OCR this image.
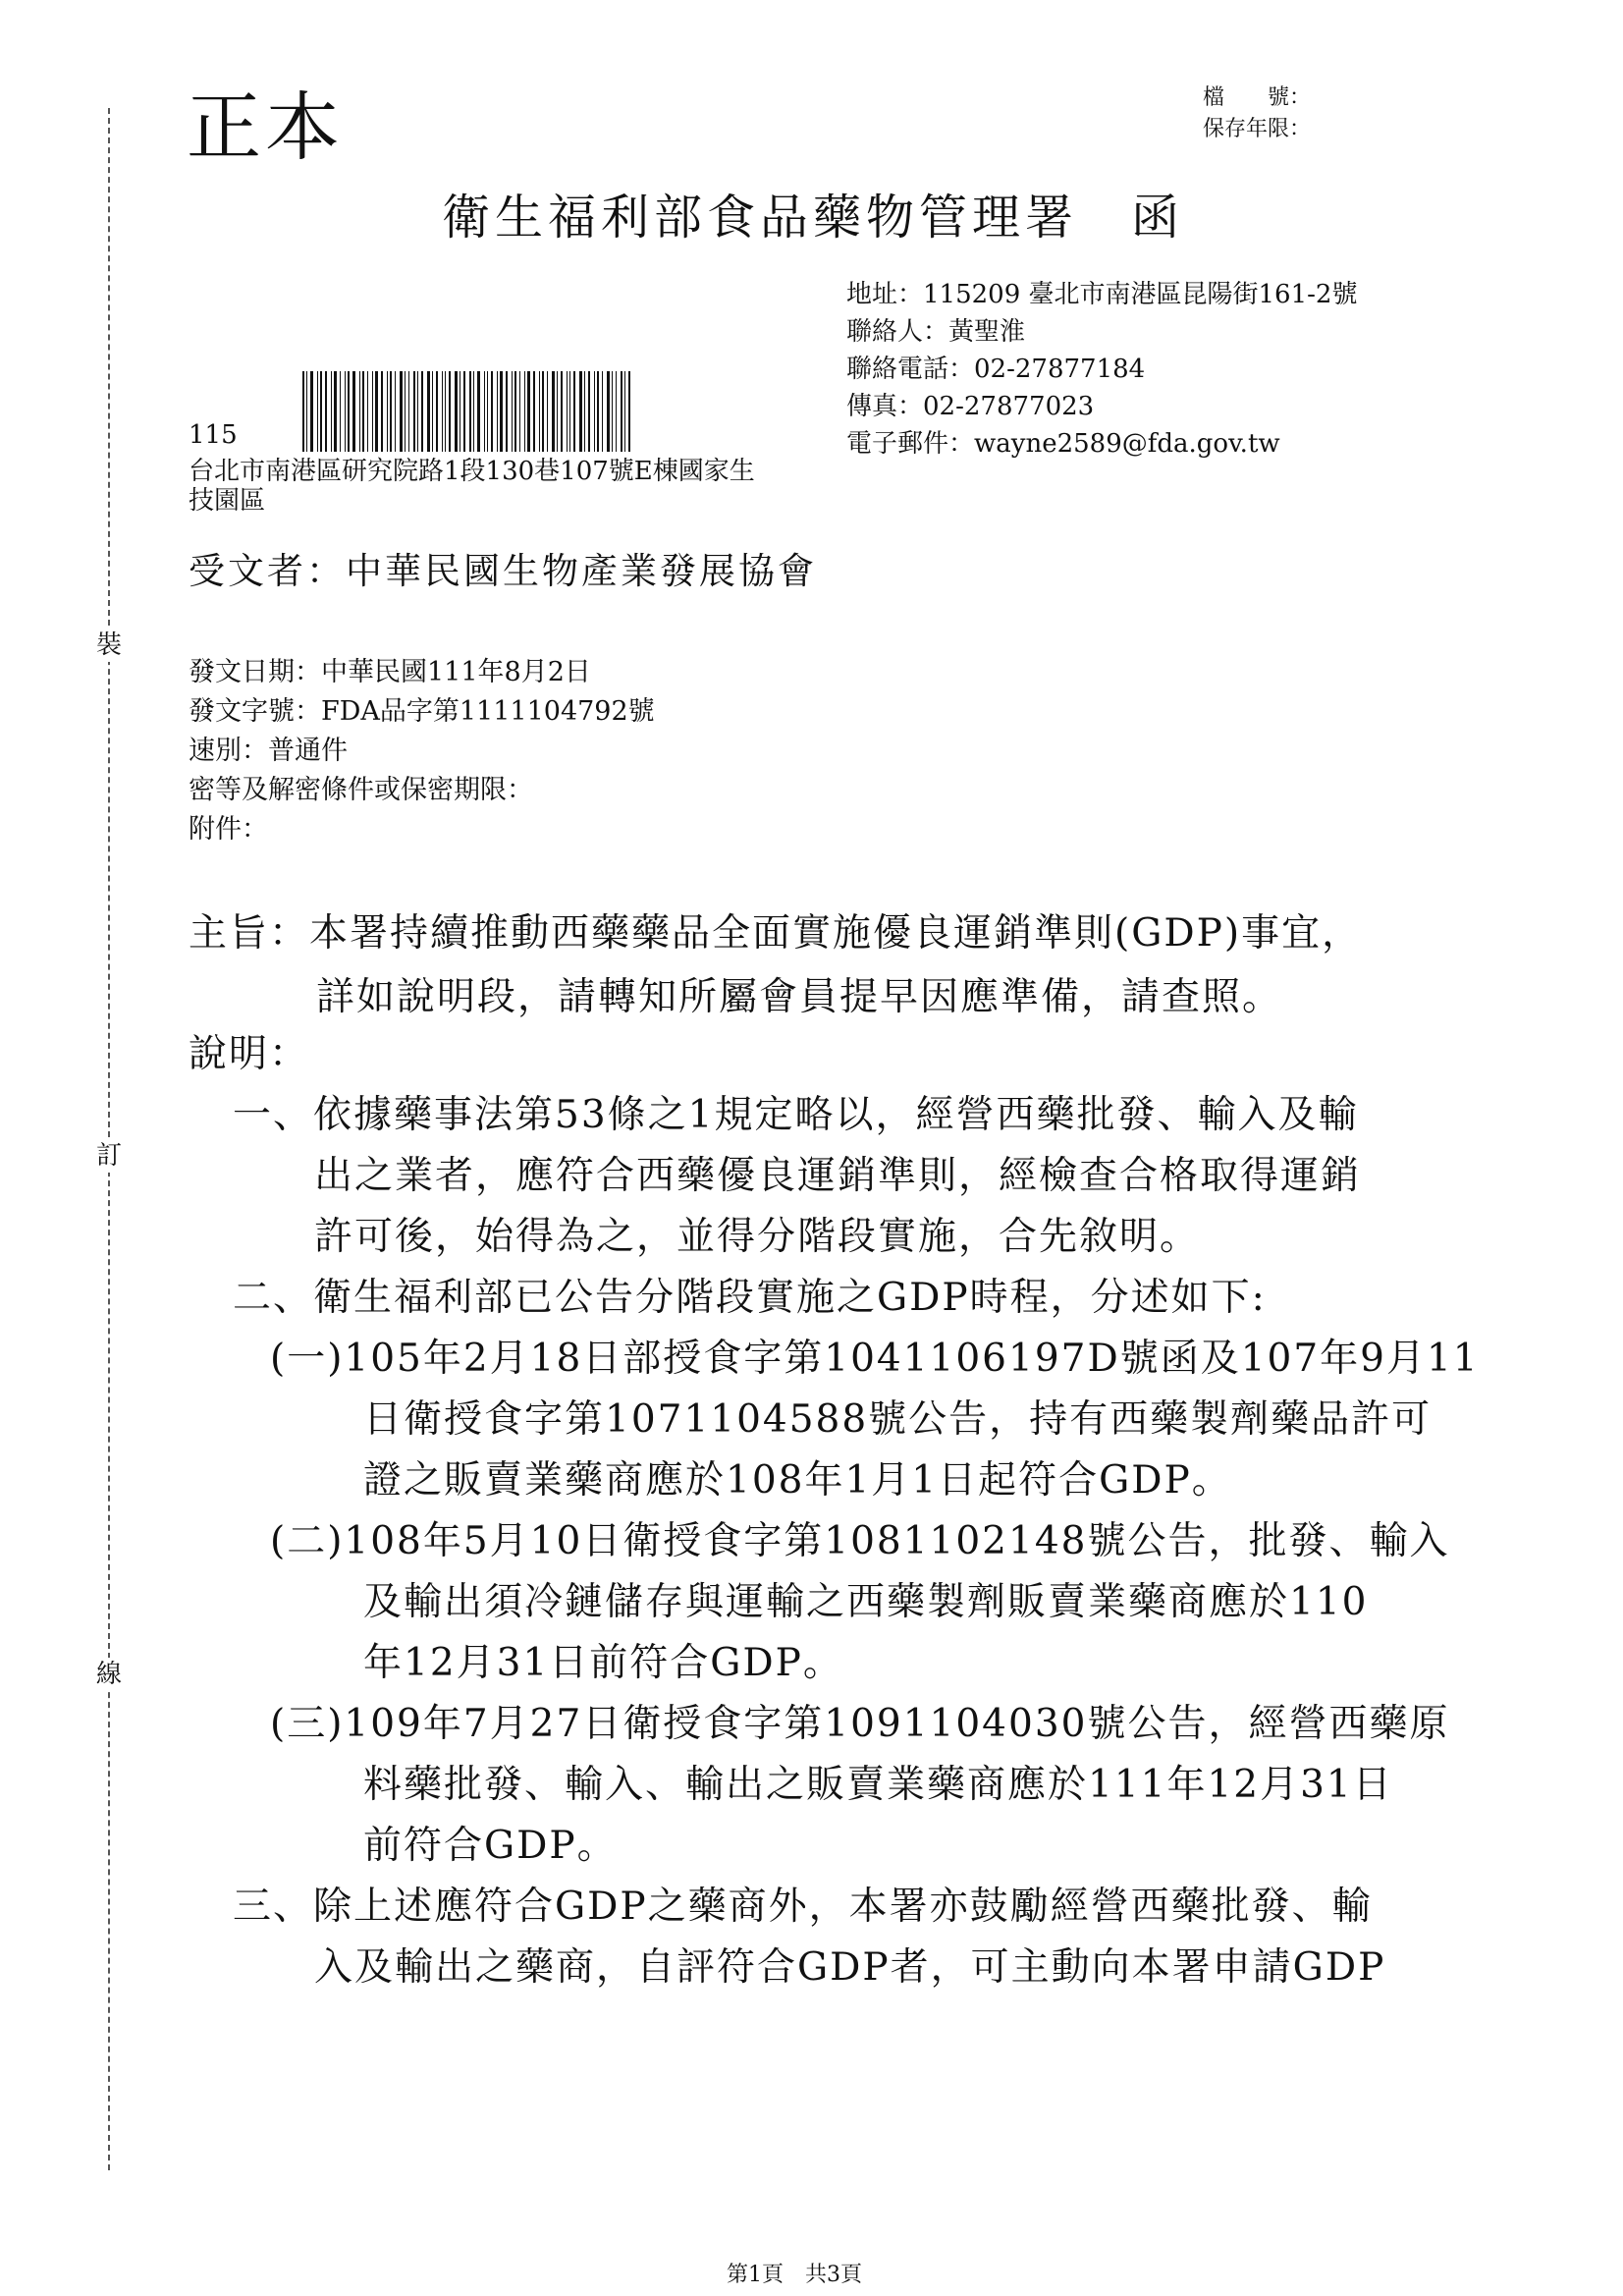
裝
訂
線
正本	檔　　號：
保存年限：
衛生福利部食品藥物管理署　函
地址：115209 臺北市南港區昆陽街161-2號
聯絡人：黃聖淮
聯絡電話：02-27877184
傳真：02-27877023
電子郵件：wayne2589@fda.gov.tw
115
台北市南港區研究院路1段130巷107號E棟國家生
技園區
受文者：中華民國生物產業發展協會
發文日期：中華民國111年8月2日
發文字號：FDA品字第1111104792號
速別：普通件
密等及解密條件或保密期限：
附件：
主旨：本署持續推動西藥藥品全面實施優良運銷準則(GDP)事宜，
詳如說明段，請轉知所屬會員提早因應準備，請查照。
說明：
一、依據藥事法第53條之1規定略以，經營西藥批發、輸入及輸
出之業者，應符合西藥優良運銷準則，經檢查合格取得運銷
許可後，始得為之，並得分階段實施，合先敘明。
二、衛生福利部已公告分階段實施之GDP時程，分述如下:
(一)105年2月18日部授食字第1041106197D號函及107年9月11
日衛授食字第1071104588號公告，持有西藥製劑藥品許可
證之販賣業藥商應於108年1月1日起符合GDP。
(二)108年5月10日衛授食字第1081102148號公告，批發、輸入
及輸出須冷鏈儲存與運輸之西藥製劑販賣業藥商應於110
年12月31日前符合GDP。
(三)109年7月27日衛授食字第1091104030號公告，經營西藥原
料藥批發、輸入、輸出之販賣業藥商應於111年12月31日
前符合GDP。
三、除上述應符合GDP之藥商外，本署亦鼓勵經營西藥批發、輸
入及輸出之藥商，自評符合GDP者，可主動向本署申請GDP
第1頁　共3頁
